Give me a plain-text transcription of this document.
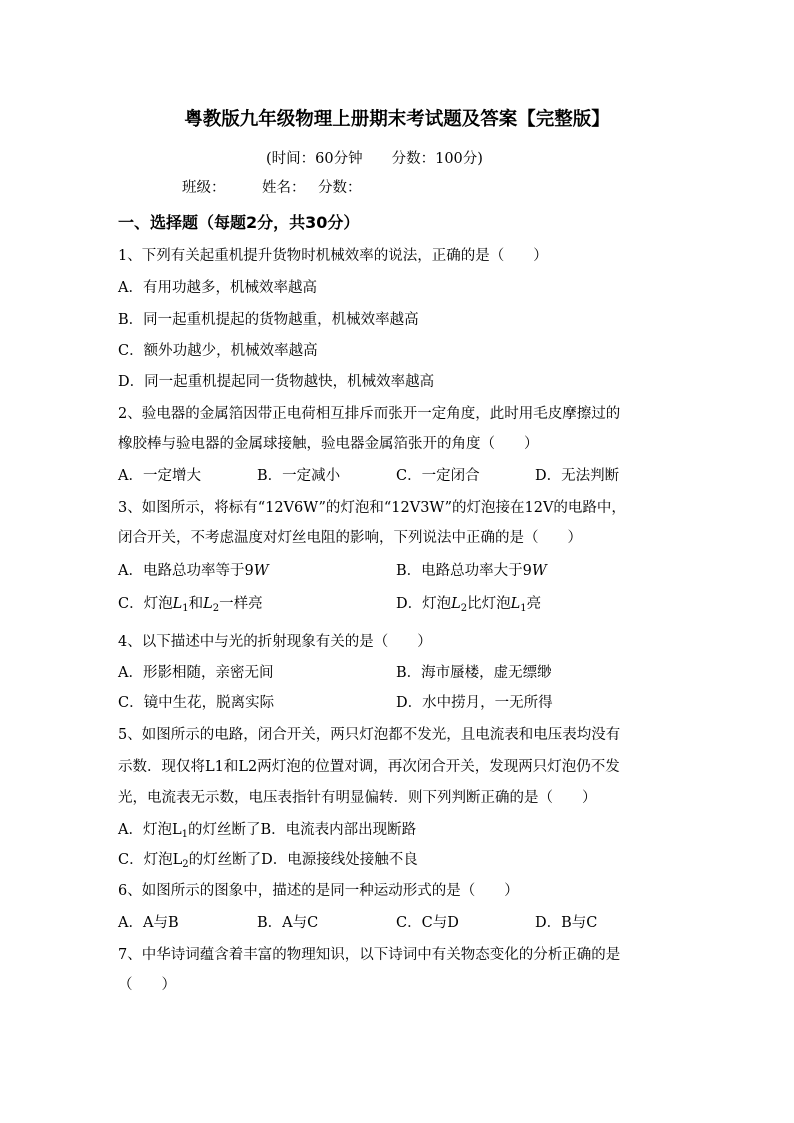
粤教版九年级物理上册期末考试题及答案【完整版】
(时间：60分钟　　分数：100分)
班级：	姓名： 分数：
一、选择题（每题2分，共30分）
1、下列有关起重机提升货物时机械效率的说法，正确的是（　　）
A．有用功越多，机械效率越高
B．同一起重机提起的货物越重，机械效率越高
C．额外功越少，机械效率越高
D．同一起重机提起同一货物越快，机械效率越高
2、验电器的金属箔因带正电荷相互排斥而张开一定角度，此时用毛皮摩擦过的
橡胶棒与验电器的金属球接触，验电器金属箔张开的角度（　　）
A．一定增大	B．一定减小	C．一定闭合	D．无法判断
3、如图所示，将标有“12V6W”的灯泡和“12V3W”的灯泡接在12V的电路中，
闭合开关，不考虑温度对灯丝电阻的影响，下列说法中正确的是（　　）
A．电路总功率等于9W	B．电路总功率大于9W
C．灯泡$L_1$和$L_2$一样亮	D．灯泡$L_2$比灯泡$L_1$亮
4、以下描述中与光的折射现象有关的是（　　）
A．形影相随，亲密无间	B．海市蜃楼，虚无缥缈
C．镜中生花，脱离实际	D．水中捞月，一无所得
5、如图所示的电路，闭合开关，两只灯泡都不发光，且电流表和电压表均没有
示数．现仅将L1和L2两灯泡的位置对调，再次闭合开关，发现两只灯泡仍不发
光，电流表无示数，电压表指针有明显偏转．则下列判断正确的是（　　）
A．灯泡$L_1$的灯丝断了B．电流表内部出现断路
C．灯泡$L_2$的灯丝断了D．电源接线处接触不良
6、如图所示的图象中，描述的是同一种运动形式的是（　　）
A．A与B	B．A与C	C．C与D	D．B与C
7、中华诗词蕴含着丰富的物理知识，以下诗词中有关物态变化的分析正确的是
（　　）
